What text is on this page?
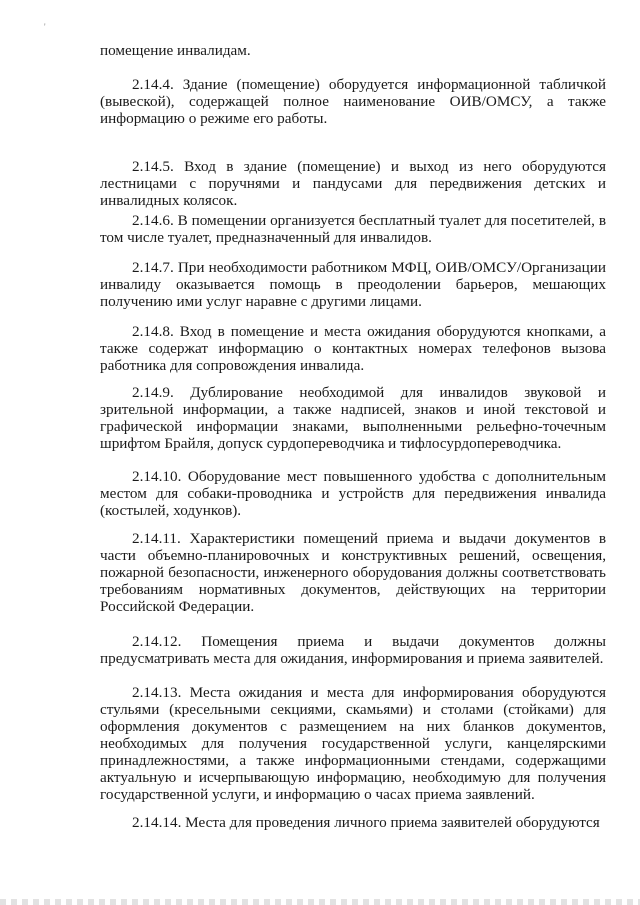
'

помещение инвалидам.

2.14.4. Здание (помещение) оборудуется информационной табличкой (вывеской), содержащей полное наименование ОИВ/ОМСУ, а также информацию о режиме его работы.

2.14.5. Вход в здание (помещение) и выход из него оборудуются лестницами с поручнями и пандусами для передвижения детских и инвалидных колясок.

2.14.6. В помещении организуется бесплатный туалет для посетителей, в том числе туалет, предназначенный для инвалидов.

2.14.7. При необходимости работником МФЦ, ОИВ/ОМСУ/Организации инвалиду оказывается помощь в преодолении барьеров, мешающих получению ими услуг наравне с другими лицами.

2.14.8. Вход в помещение и места ожидания оборудуются кнопками, а также содержат информацию о контактных номерах телефонов вызова работника для сопровождения инвалида.

2.14.9. Дублирование необходимой для инвалидов звуковой и зрительной информации, а также надписей, знаков и иной текстовой и графической информации знаками, выполненными рельефно-точечным шрифтом Брайля, допуск сурдопереводчика и тифлосурдопереводчика.

2.14.10. Оборудование мест повышенного удобства с дополнительным местом для собаки-проводника и устройств для передвижения инвалида (костылей, ходунков).

2.14.11. Характеристики помещений приема и выдачи документов в части объемно-планировочных и конструктивных решений, освещения, пожарной безопасности, инженерного оборудования должны соответствовать требованиям нормативных документов, действующих на территории Российской Федерации.

2.14.12. Помещения приема и выдачи документов должны предусматривать места для ожидания, информирования и приема заявителей.

2.14.13. Места ожидания и места для информирования оборудуются стульями (кресельными секциями, скамьями) и столами (стойками) для оформления документов с размещением на них бланков документов, необходимых для получения государственной услуги, канцелярскими принадлежностями, а также информационными стендами, содержащими актуальную и исчерпывающую информацию, необходимую для получения государственной услуги, и информацию о часах приема заявлений.

2.14.14. Места для проведения личного приема заявителей оборудуются
